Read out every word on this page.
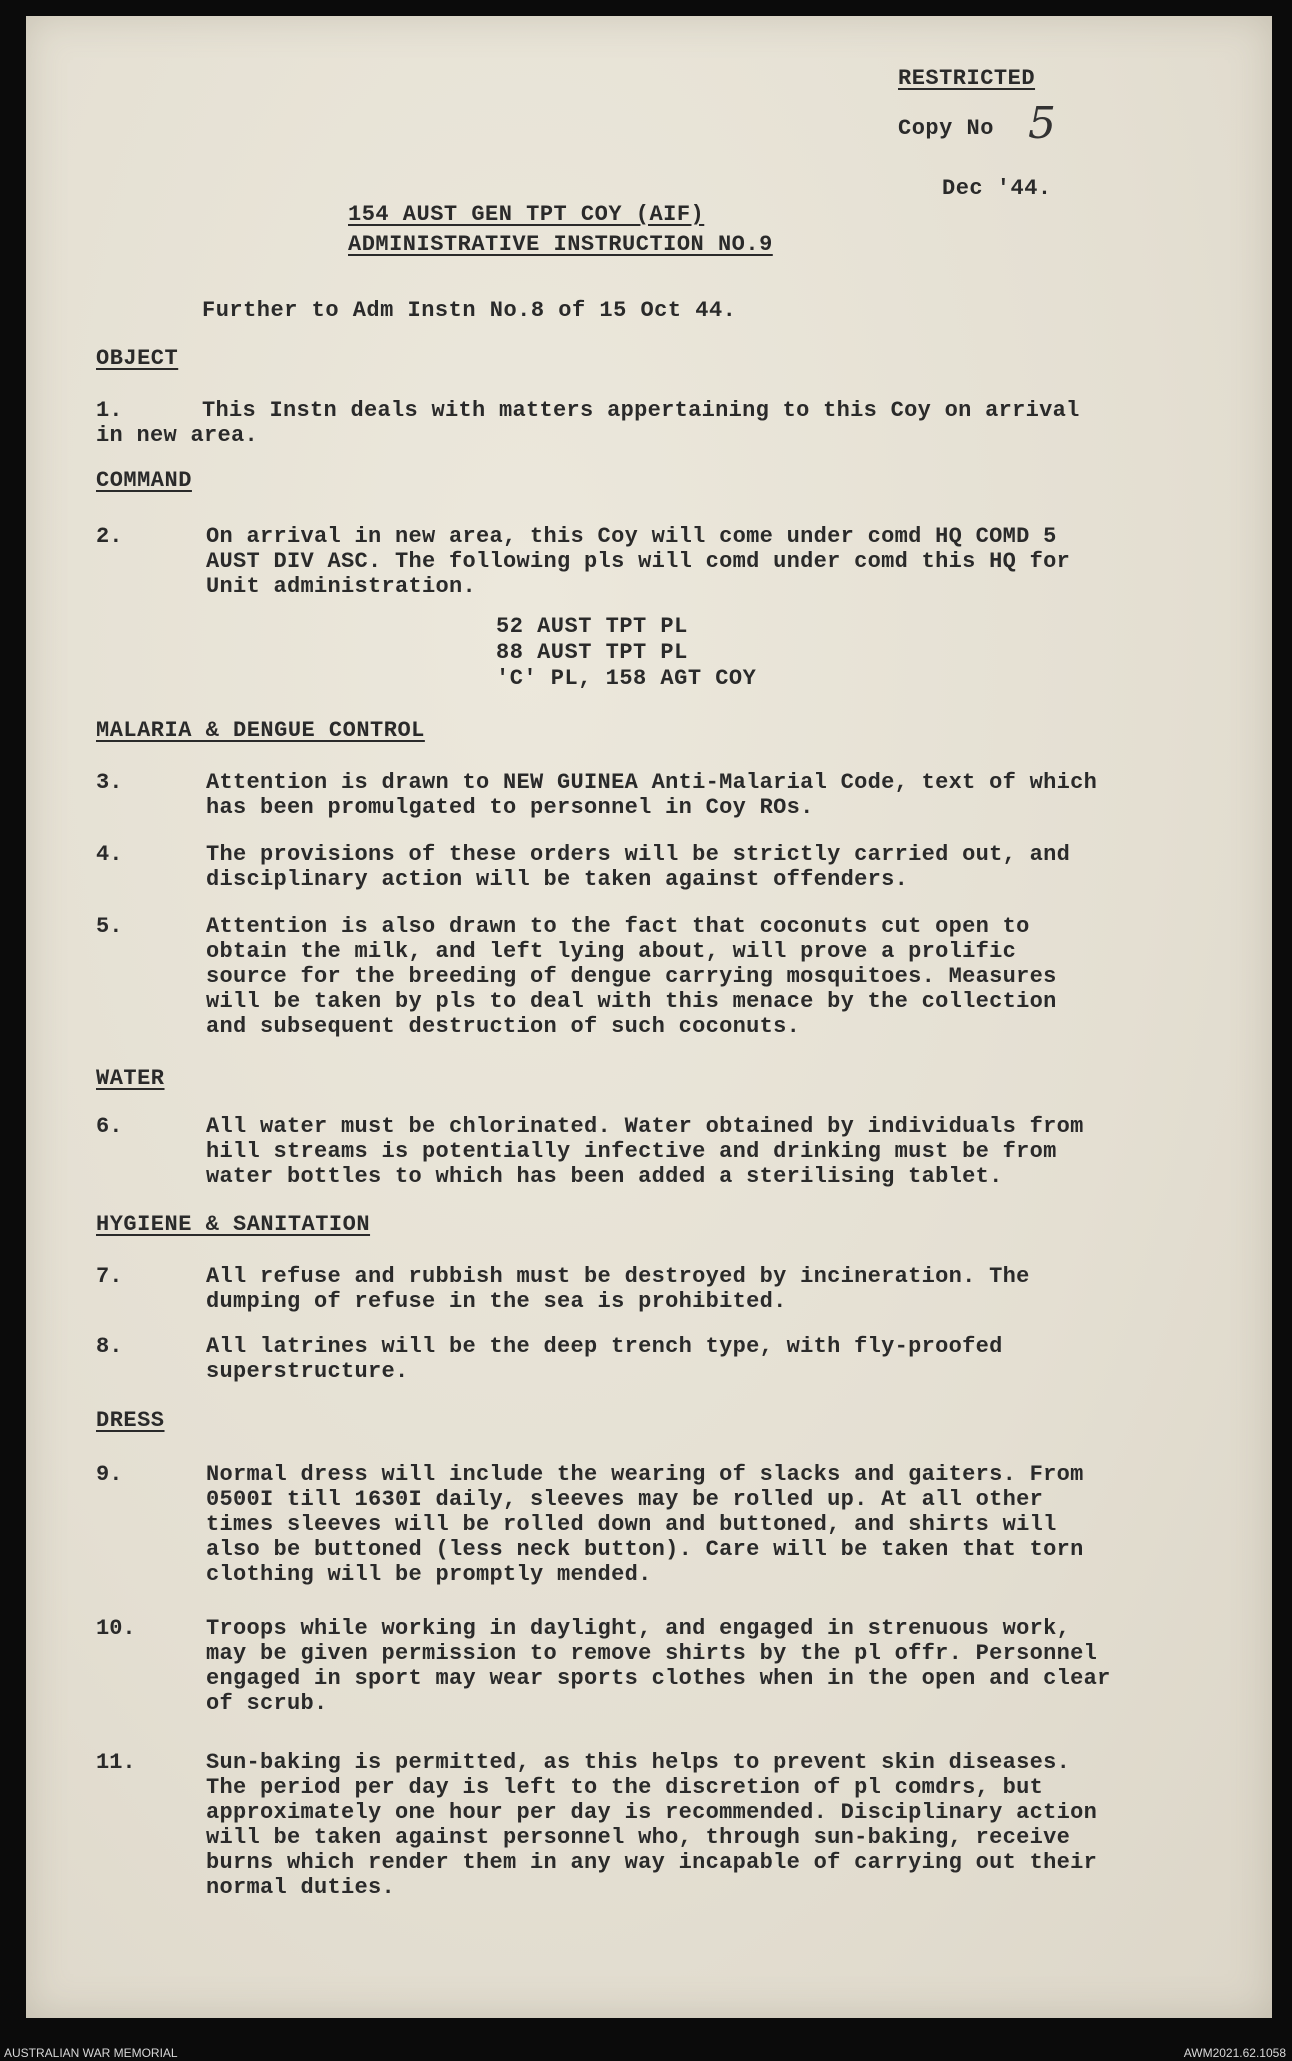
RESTRICTED
Copy No 5
Dec '44.
154 AUST GEN TPT COY (AIF)
ADMINISTRATIVE INSTRUCTION NO.9
Further to Adm Instn No.8 of 15 Oct 44.
OBJECT
1.	This Instn deals with matters appertaining to this Coy on arrival
in new area.
COMMAND
2.	On arrival in new area, this Coy will come under comd HQ COMD 5
AUST DIV ASC. The following pls will comd under comd this HQ for
Unit administration.
52 AUST TPT PL
88 AUST TPT PL
'C' PL, 158 AGT COY
MALARIA & DENGUE CONTROL
3.	Attention is drawn to NEW GUINEA Anti-Malarial Code, text of which
has been promulgated to personnel in Coy ROs.
4.	The provisions of these orders will be strictly carried out, and
disciplinary action will be taken against offenders.
5.	Attention is also drawn to the fact that coconuts cut open to
obtain the milk, and left lying about, will prove a prolific
source for the breeding of dengue carrying mosquitoes. Measures
will be taken by pls to deal with this menace by the collection
and subsequent destruction of such coconuts.
WATER
6.	All water must be chlorinated. Water obtained by individuals from
hill streams is potentially infective and drinking must be from
water bottles to which has been added a sterilising tablet.
HYGIENE & SANITATION
7.	All refuse and rubbish must be destroyed by incineration. The
dumping of refuse in the sea is prohibited.
8.	All latrines will be the deep trench type, with fly-proofed
superstructure.
DRESS
9.	Normal dress will include the wearing of slacks and gaiters. From
0500I till 1630I daily, sleeves may be rolled up. At all other
times sleeves will be rolled down and buttoned, and shirts will
also be buttoned (less neck button). Care will be taken that torn
clothing will be promptly mended.
10.	Troops while working in daylight, and engaged in strenuous work,
may be given permission to remove shirts by the pl offr. Personnel
engaged in sport may wear sports clothes when in the open and clear
of scrub.
11.	Sun-baking is permitted, as this helps to prevent skin diseases.
The period per day is left to the discretion of pl comdrs, but
approximately one hour per day is recommended. Disciplinary action
will be taken against personnel who, through sun-baking, receive
burns which render them in any way incapable of carrying out their
normal duties.
AUSTRALIAN WAR MEMORIAL	AWM2021.62.1058
